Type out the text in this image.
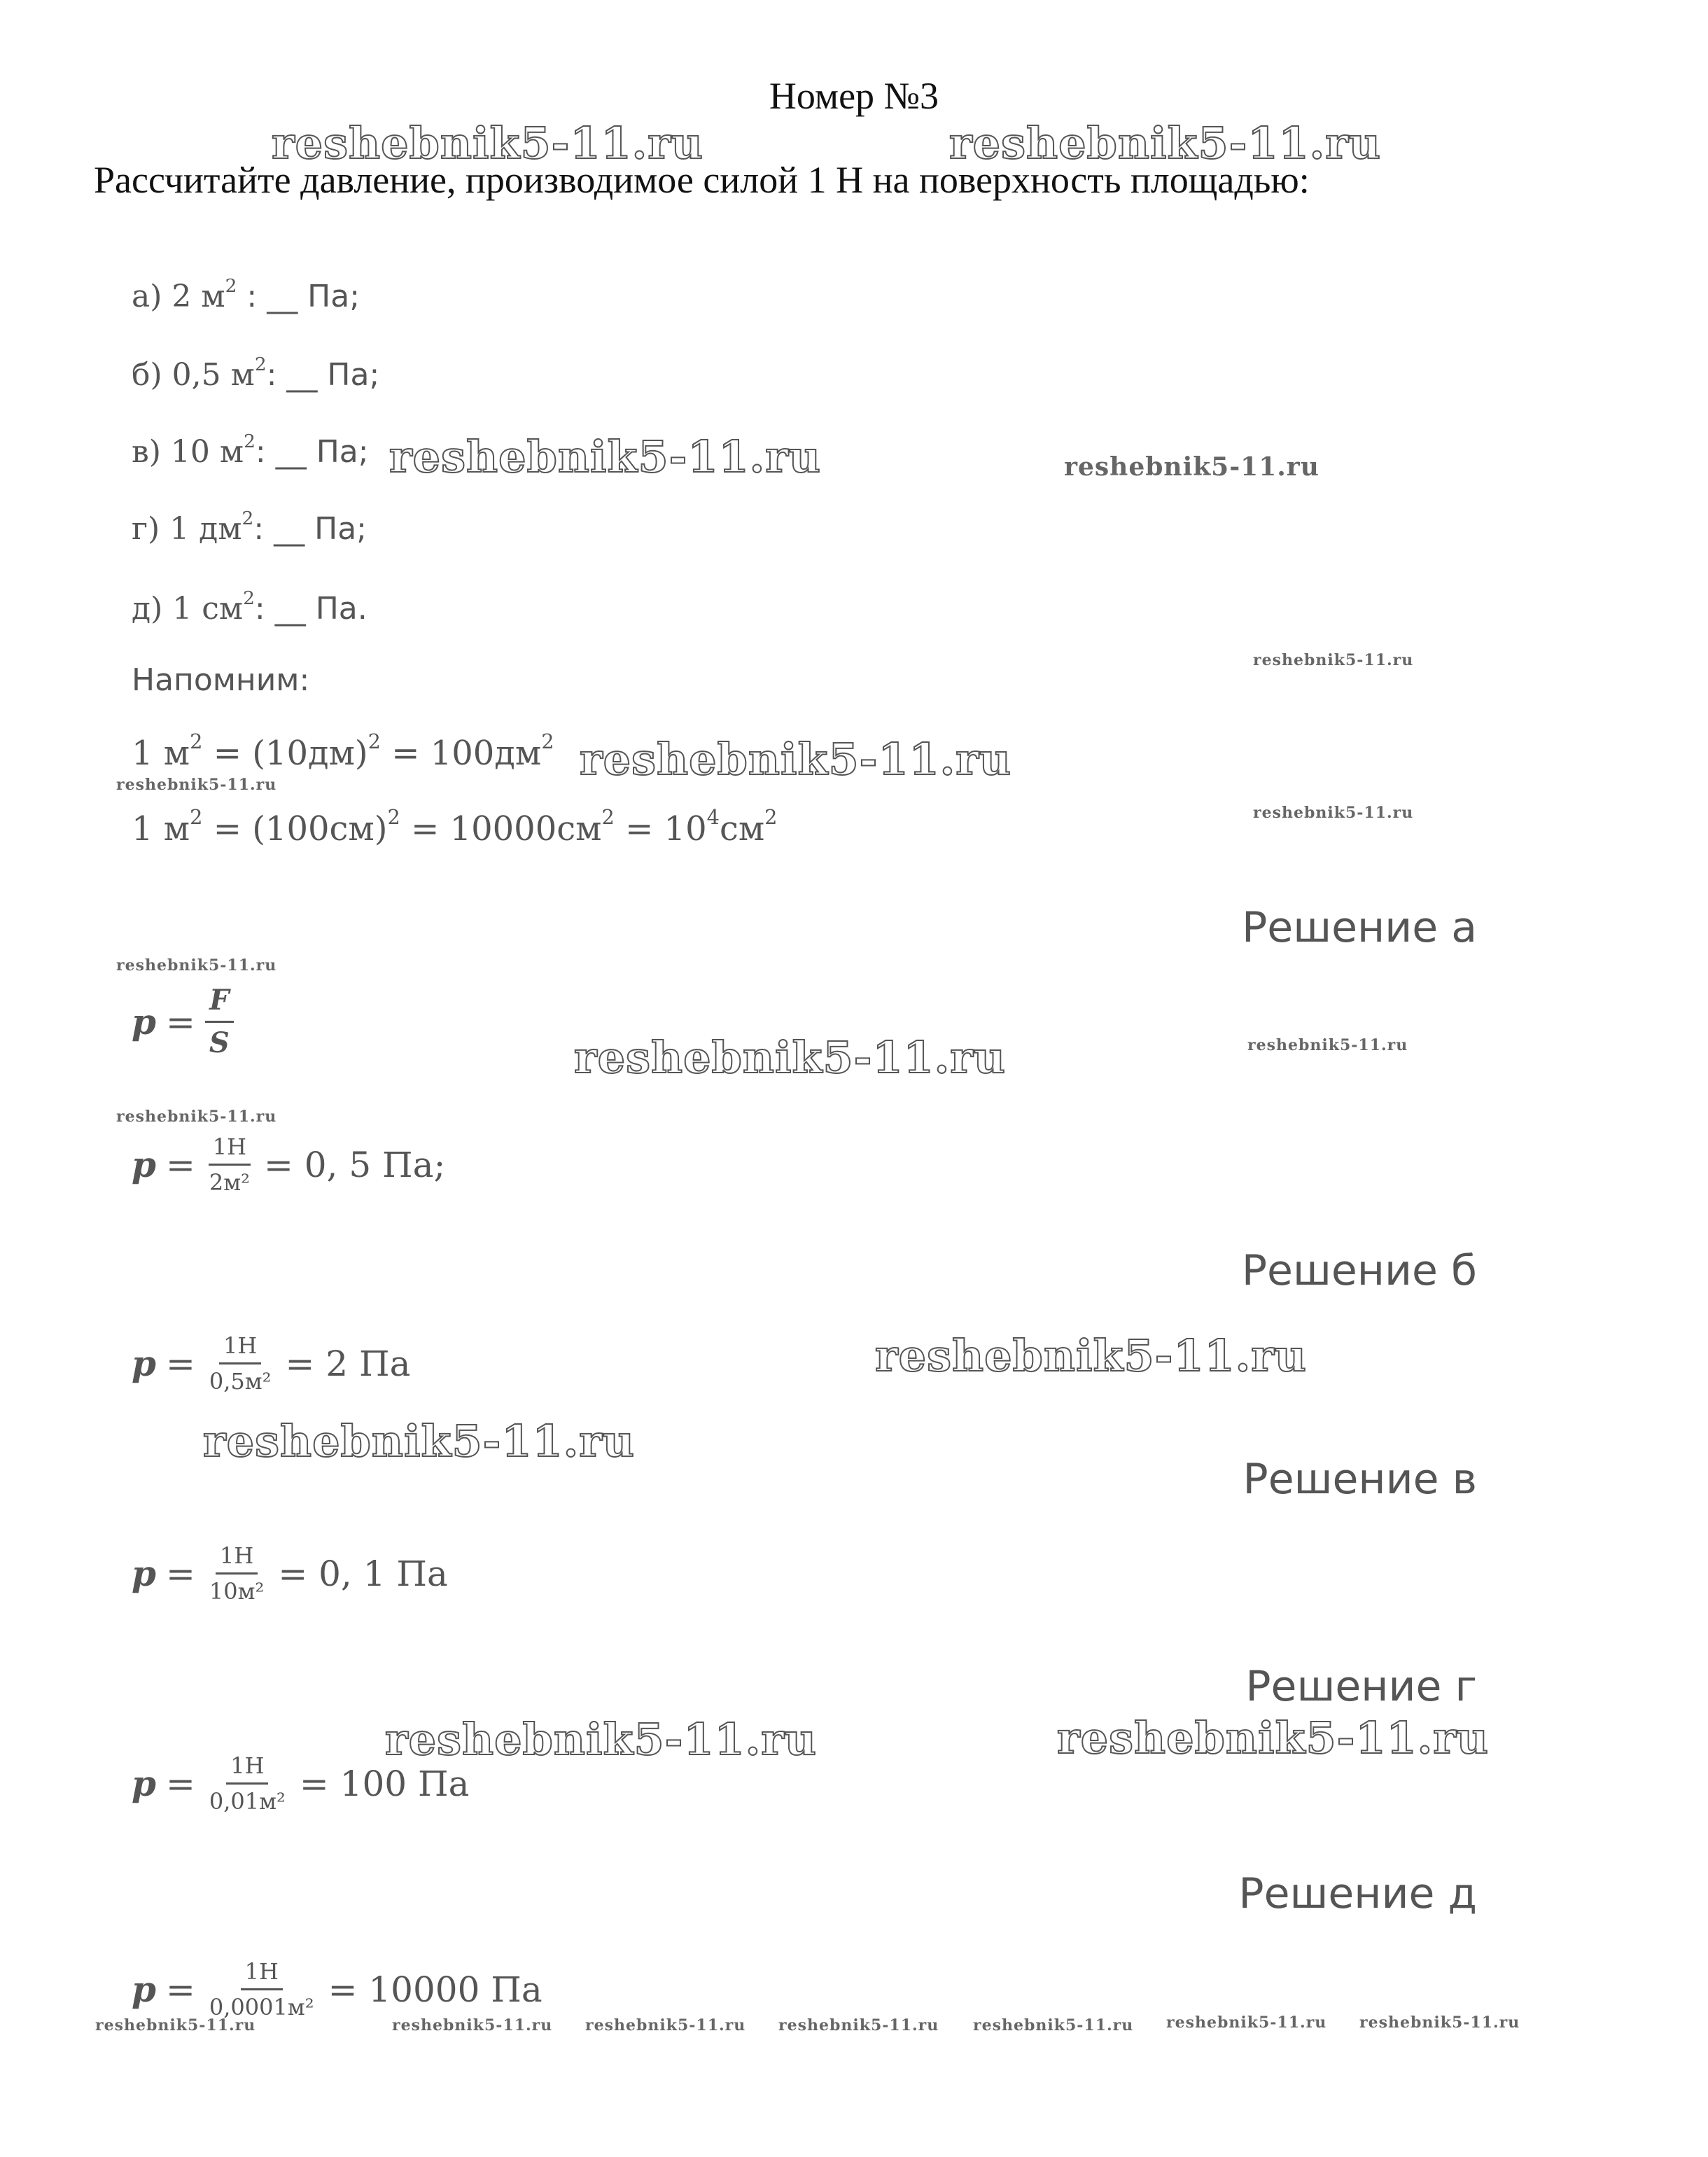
Номер №3
Рассчитайте давление, производимое силой 1 Н на поверхность площадью:
а) 2 $м^2$ : __ Па;
б) 0,5 $м^2$: __ Па;
в) 10 $м^2$: __ Па;
г) 1 $дм^2$: __ Па;
д) 1 $см^2$: __ Па.
Напомним:
1 $м^2 = (10дм)^2 = 100дм^2$
1 $м^2 = (100см)^2 = 10000см^2 = 10^4см^2$
Решение а
Решение б
Решение в
Решение г
Решение д
$p = \frac{F}{S}$
$p = \frac{1Н}{\text{2м²}} = 0$, 5 Па;
$p = \frac{1Н}{\text{0,5м²}} = 2$ Па
$p = \frac{1Н}{\text{10м²}} = 0$, 1 Па
$p = \frac{1Н}{\text{0,01м²}} = 100$ Па
$p = \frac{1Н}{\text{0,0001м²}} = 10000$ Па
reshebnik5-11.ru	reshebnik5-11.ru
reshebnik5-11.ru	reshebnik5-11.ru
reshebnik5-11.ru
reshebnik5-11.ru
reshebnik5-11.ru
reshebnik5-11.ru
reshebnik5-11.ru
reshebnik5-11.ru	reshebnik5-11.ru
reshebnik5-11.ru
reshebnik5-11.ru
reshebnik5-11.ru
reshebnik5-11.ru	reshebnik5-11.ru
reshebnik5-11.ru	reshebnik5-11.ru reshebnik5-11.ru reshebnik5-11.ru reshebnik5-11.ru reshebnik5-11.ru reshebnik5-11.ru
